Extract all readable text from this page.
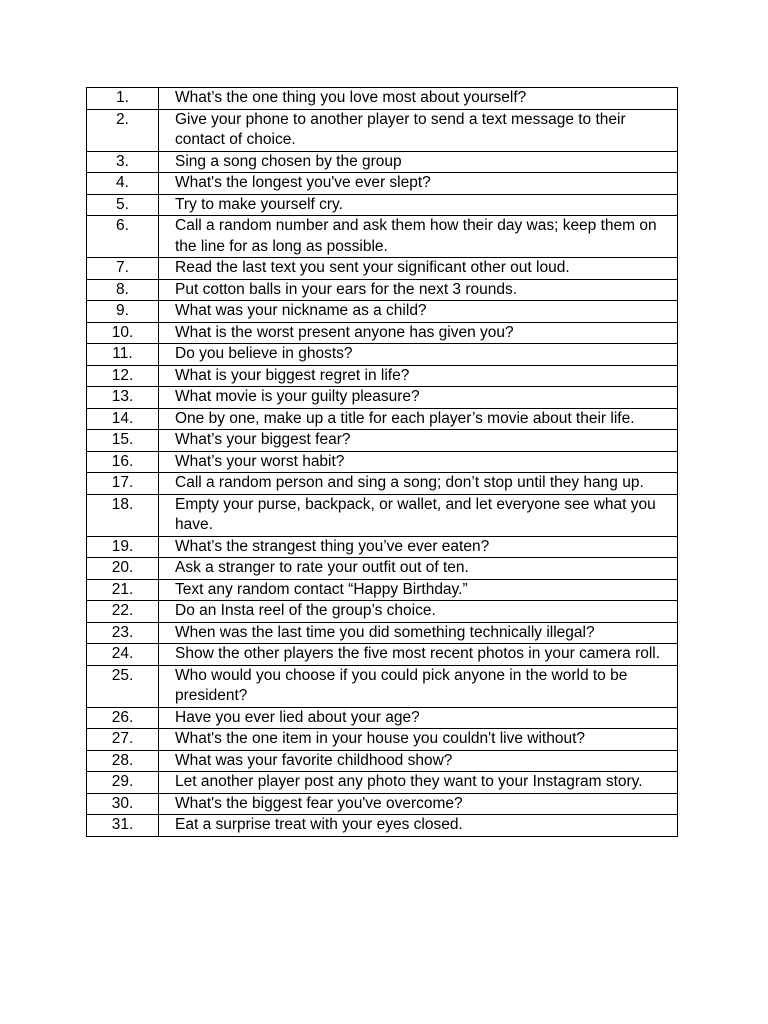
1.	What’s the one thing you love most about yourself?
2.	Give your phone to another player to send a text message to their contact of choice.
3.	Sing a song chosen by the group
4.	What's the longest you've ever slept?
5.	Try to make yourself cry.
6.	Call a random number and ask them how their day was; keep them on the line for as long as possible.
7.	Read the last text you sent your significant other out loud.
8.	Put cotton balls in your ears for the next 3 rounds.
9.	What was your nickname as a child?
10.	What is the worst present anyone has given you?
11.	Do you believe in ghosts?
12.	What is your biggest regret in life?
13.	What movie is your guilty pleasure?
14.	One by one, make up a title for each player’s movie about their life.
15.	What’s your biggest fear?
16.	What’s your worst habit?
17.	Call a random person and sing a song; don’t stop until they hang up.
18.	Empty your purse, backpack, or wallet, and let everyone see what you have.
19.	What’s the strangest thing you’ve ever eaten?
20.	Ask a stranger to rate your outfit out of ten.
21.	Text any random contact “Happy Birthday.”
22.	Do an Insta reel of the group’s choice.
23.	When was the last time you did something technically illegal?
24.	Show the other players the five most recent photos in your camera roll.
25.	Who would you choose if you could pick anyone in the world to be president?
26.	Have you ever lied about your age?
27.	What's the one item in your house you couldn't live without?
28.	What was your favorite childhood show?
29.	Let another player post any photo they want to your Instagram story.
30.	What's the biggest fear you've overcome?
31.	Eat a surprise treat with your eyes closed.
